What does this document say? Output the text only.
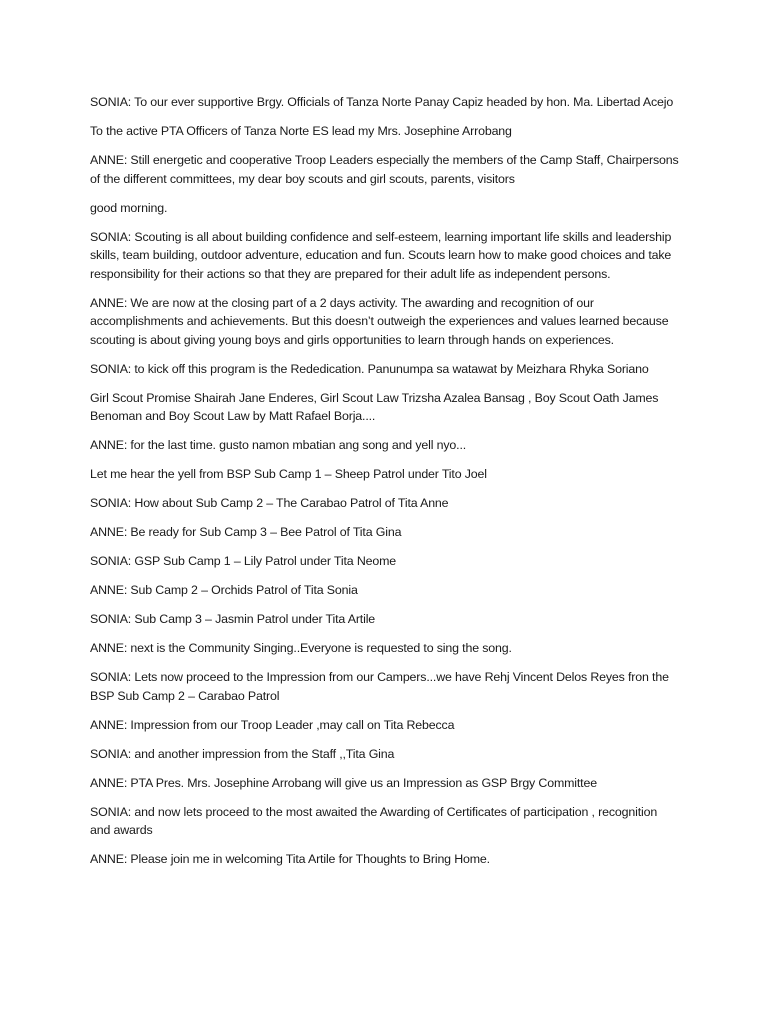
SONIA: To our ever supportive Brgy. Officials of Tanza Norte Panay Capiz headed by hon. Ma. Libertad Acejo

To the active PTA Officers of Tanza Norte ES lead my Mrs. Josephine Arrobang

ANNE: Still energetic and cooperative Troop Leaders especially the members of the Camp Staff, Chairpersons of the different committees, my dear boy scouts and girl scouts, parents, visitors

good morning.

SONIA: Scouting is all about building confidence and self-esteem, learning important life skills and leadership skills, team building, outdoor adventure, education and fun. Scouts learn how to make good choices and take responsibility for their actions so that they are prepared for their adult life as independent persons.

ANNE: We are now at the closing part of a 2 days activity. The awarding and recognition of our accomplishments and achievements. But this doesn’t outweigh the experiences and values learned because scouting is about giving young boys and girls opportunities to learn through hands on experiences.

SONIA: to kick off this program is the Rededication. Panunumpa sa watawat by Meizhara Rhyka Soriano

Girl Scout Promise Shairah Jane Enderes, Girl Scout Law Trizsha Azalea Bansag , Boy Scout Oath James Benoman and Boy Scout Law by Matt Rafael Borja....

ANNE: for the last time. gusto namon mbatian ang song and yell nyo...

Let me hear the yell from BSP Sub Camp 1 – Sheep Patrol under Tito Joel

SONIA: How about Sub Camp 2 – The Carabao Patrol of Tita Anne

ANNE: Be ready for Sub Camp 3 – Bee Patrol of Tita Gina

SONIA: GSP Sub Camp 1 – Lily Patrol under Tita Neome

ANNE: Sub Camp 2 – Orchids Patrol of Tita Sonia

SONIA: Sub Camp 3 – Jasmin Patrol under Tita Artile

ANNE: next is the Community Singing..Everyone is requested to sing the song.

SONIA: Lets now proceed to the Impression from our Campers...we have Rehj Vincent Delos Reyes fron the BSP Sub Camp 2 – Carabao Patrol

ANNE: Impression from our Troop Leader ,may call on Tita Rebecca

SONIA: and another impression from the Staff ,,Tita Gina

ANNE: PTA Pres. Mrs. Josephine Arrobang will give us an Impression as GSP Brgy Committee

SONIA: and now lets proceed to the most awaited the Awarding of Certificates of participation , recognition and awards

ANNE: Please join me in welcoming Tita Artile for Thoughts to Bring Home.
